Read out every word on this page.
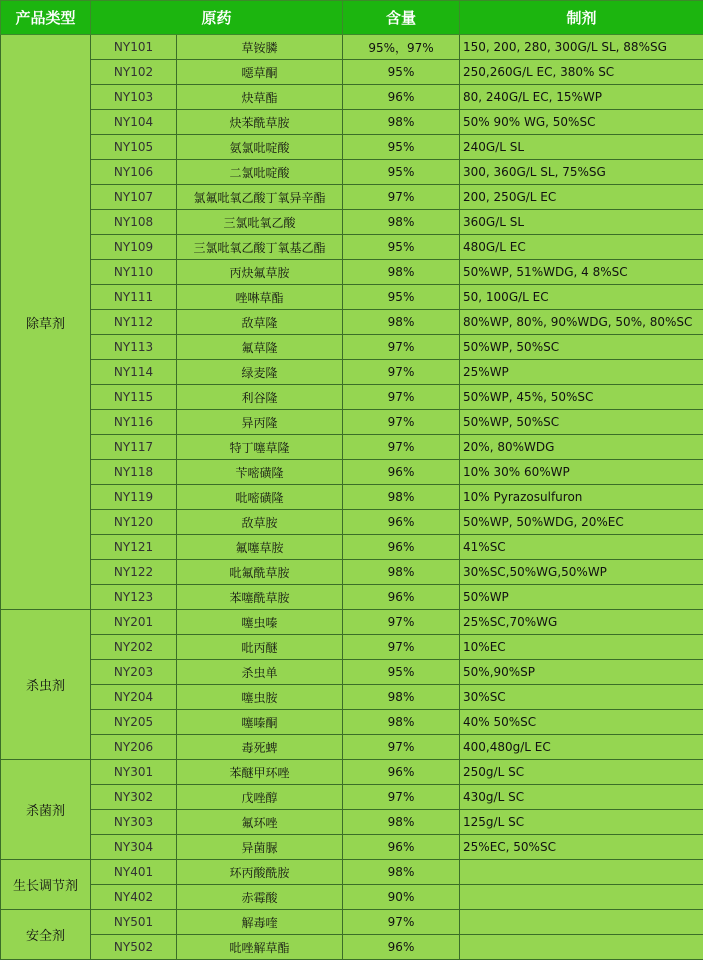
产品类型	原药		含量	制剂
除草剂	NY101	草铵膦	95%，97%	150, 200, 280, 300G/L SL, 88%SG
	NY102	噁草酮	95%	250,260G/L EC, 380% SC
	NY103	炔草酯	96%	80, 240G/L EC, 15%WP
	NY104	炔苯酰草胺	98%	50% 90% WG, 50%SC
	NY105	氨氯吡啶酸	95%	240G/L SL
	NY106	二氯吡啶酸	95%	300, 360G/L SL, 75%SG
	NY107	氯氟吡氧乙酸丁氧异辛酯	97%	200, 250G/L EC
	NY108	三氯吡氧乙酸	98%	360G/L SL
	NY109	三氯吡氧乙酸丁氧基乙酯	95%	480G/L EC
	NY110	丙炔氟草胺	98%	50%WP, 51%WDG, 4 8%SC
	NY111	唑啉草酯	95%	50, 100G/L EC
	NY112	敌草隆	98%	80%WP, 80%, 90%WDG, 50%, 80%SC
	NY113	氟草隆	97%	50%WP, 50%SC
	NY114	绿麦隆	97%	25%WP
	NY115	利谷隆	97%	50%WP, 45%, 50%SC
	NY116	异丙隆	97%	50%WP, 50%SC
	NY117	特丁噻草隆	97%	20%, 80%WDG
	NY118	苄嘧磺隆	96%	10% 30% 60%WP
	NY119	吡嘧磺隆	98%	10% Pyrazosulfuron
	NY120	敌草胺	96%	50%WP, 50%WDG, 20%EC
	NY121	氟噻草胺	96%	41%SC
	NY122	吡氟酰草胺	98%	30%SC,50%WG,50%WP
	NY123	苯噻酰草胺	96%	50%WP
杀虫剂	NY201	噻虫嗪	97%	25%SC,70%WG
	NY202	吡丙醚	97%	10%EC
	NY203	杀虫单	95%	50%,90%SP
	NY204	噻虫胺	98%	30%SC
	NY205	噻嗪酮	98%	40% 50%SC
	NY206	毒死蜱	97%	400,480g/L EC
杀菌剂	NY301	苯醚甲环唑	96%	250g/L SC
	NY302	戊唑醇	97%	430g/L SC
	NY303	氟环唑	98%	125g/L SC
	NY304	异菌脲	96%	25%EC, 50%SC
生长调节剂	NY401	环丙酸酰胺	98%	
	NY402	赤霉酸	90%	
安全剂	NY501	解毒喹	97%	
	NY502	吡唑解草酯	96%	
